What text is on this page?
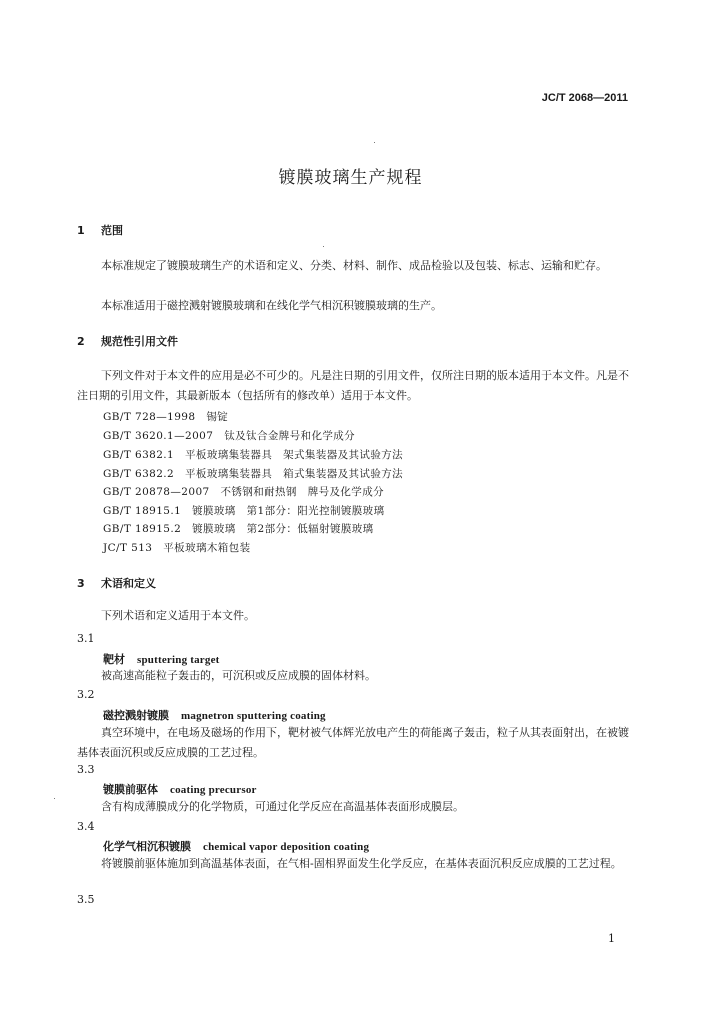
JC/T 2068—2011
镀膜玻璃生产规程
1 范围
本标准规定了镀膜玻璃生产的术语和定义、分类、材料、制作、成品检验以及包装、标志、运输和贮存。
本标准适用于磁控溅射镀膜玻璃和在线化学气相沉积镀膜玻璃的生产。
2 规范性引用文件
下列文件对于本文件的应用是必不可少的。凡是注日期的引用文件，仅所注日期的版本适用于本文件。凡是不注日期的引用文件，其最新版本（包括所有的修改单）适用于本文件。
GB/T 728—1998　锡锭
GB/T 3620.1—2007　钛及钛合金牌号和化学成分
GB/T 6382.1　平板玻璃集装器具　架式集装器及其试验方法
GB/T 6382.2　平板玻璃集装器具　箱式集装器及其试验方法
GB/T 20878—2007　不锈钢和耐热钢　牌号及化学成分
GB/T 18915.1　镀膜玻璃　第1部分：阳光控制镀膜玻璃
GB/T 18915.2　镀膜玻璃　第2部分：低辐射镀膜玻璃
JC/T 513　平板玻璃木箱包装
3 术语和定义
下列术语和定义适用于本文件。
3.1
靶材 sputtering target
被高速高能粒子轰击的，可沉积或反应成膜的固体材料。
3.2
磁控溅射镀膜 magnetron sputtering coating
真空环境中，在电场及磁场的作用下，靶材被气体辉光放电产生的荷能离子轰击，粒子从其表面射出，在被镀基体表面沉积或反应成膜的工艺过程。
3.3
镀膜前驱体 coating precursor
含有构成薄膜成分的化学物质，可通过化学反应在高温基体表面形成膜层。
3.4
化学气相沉积镀膜 chemical vapor deposition coating
将镀膜前驱体施加到高温基体表面，在气相-固相界面发生化学反应，在基体表面沉积反应成膜的工艺过程。
3.5
1
